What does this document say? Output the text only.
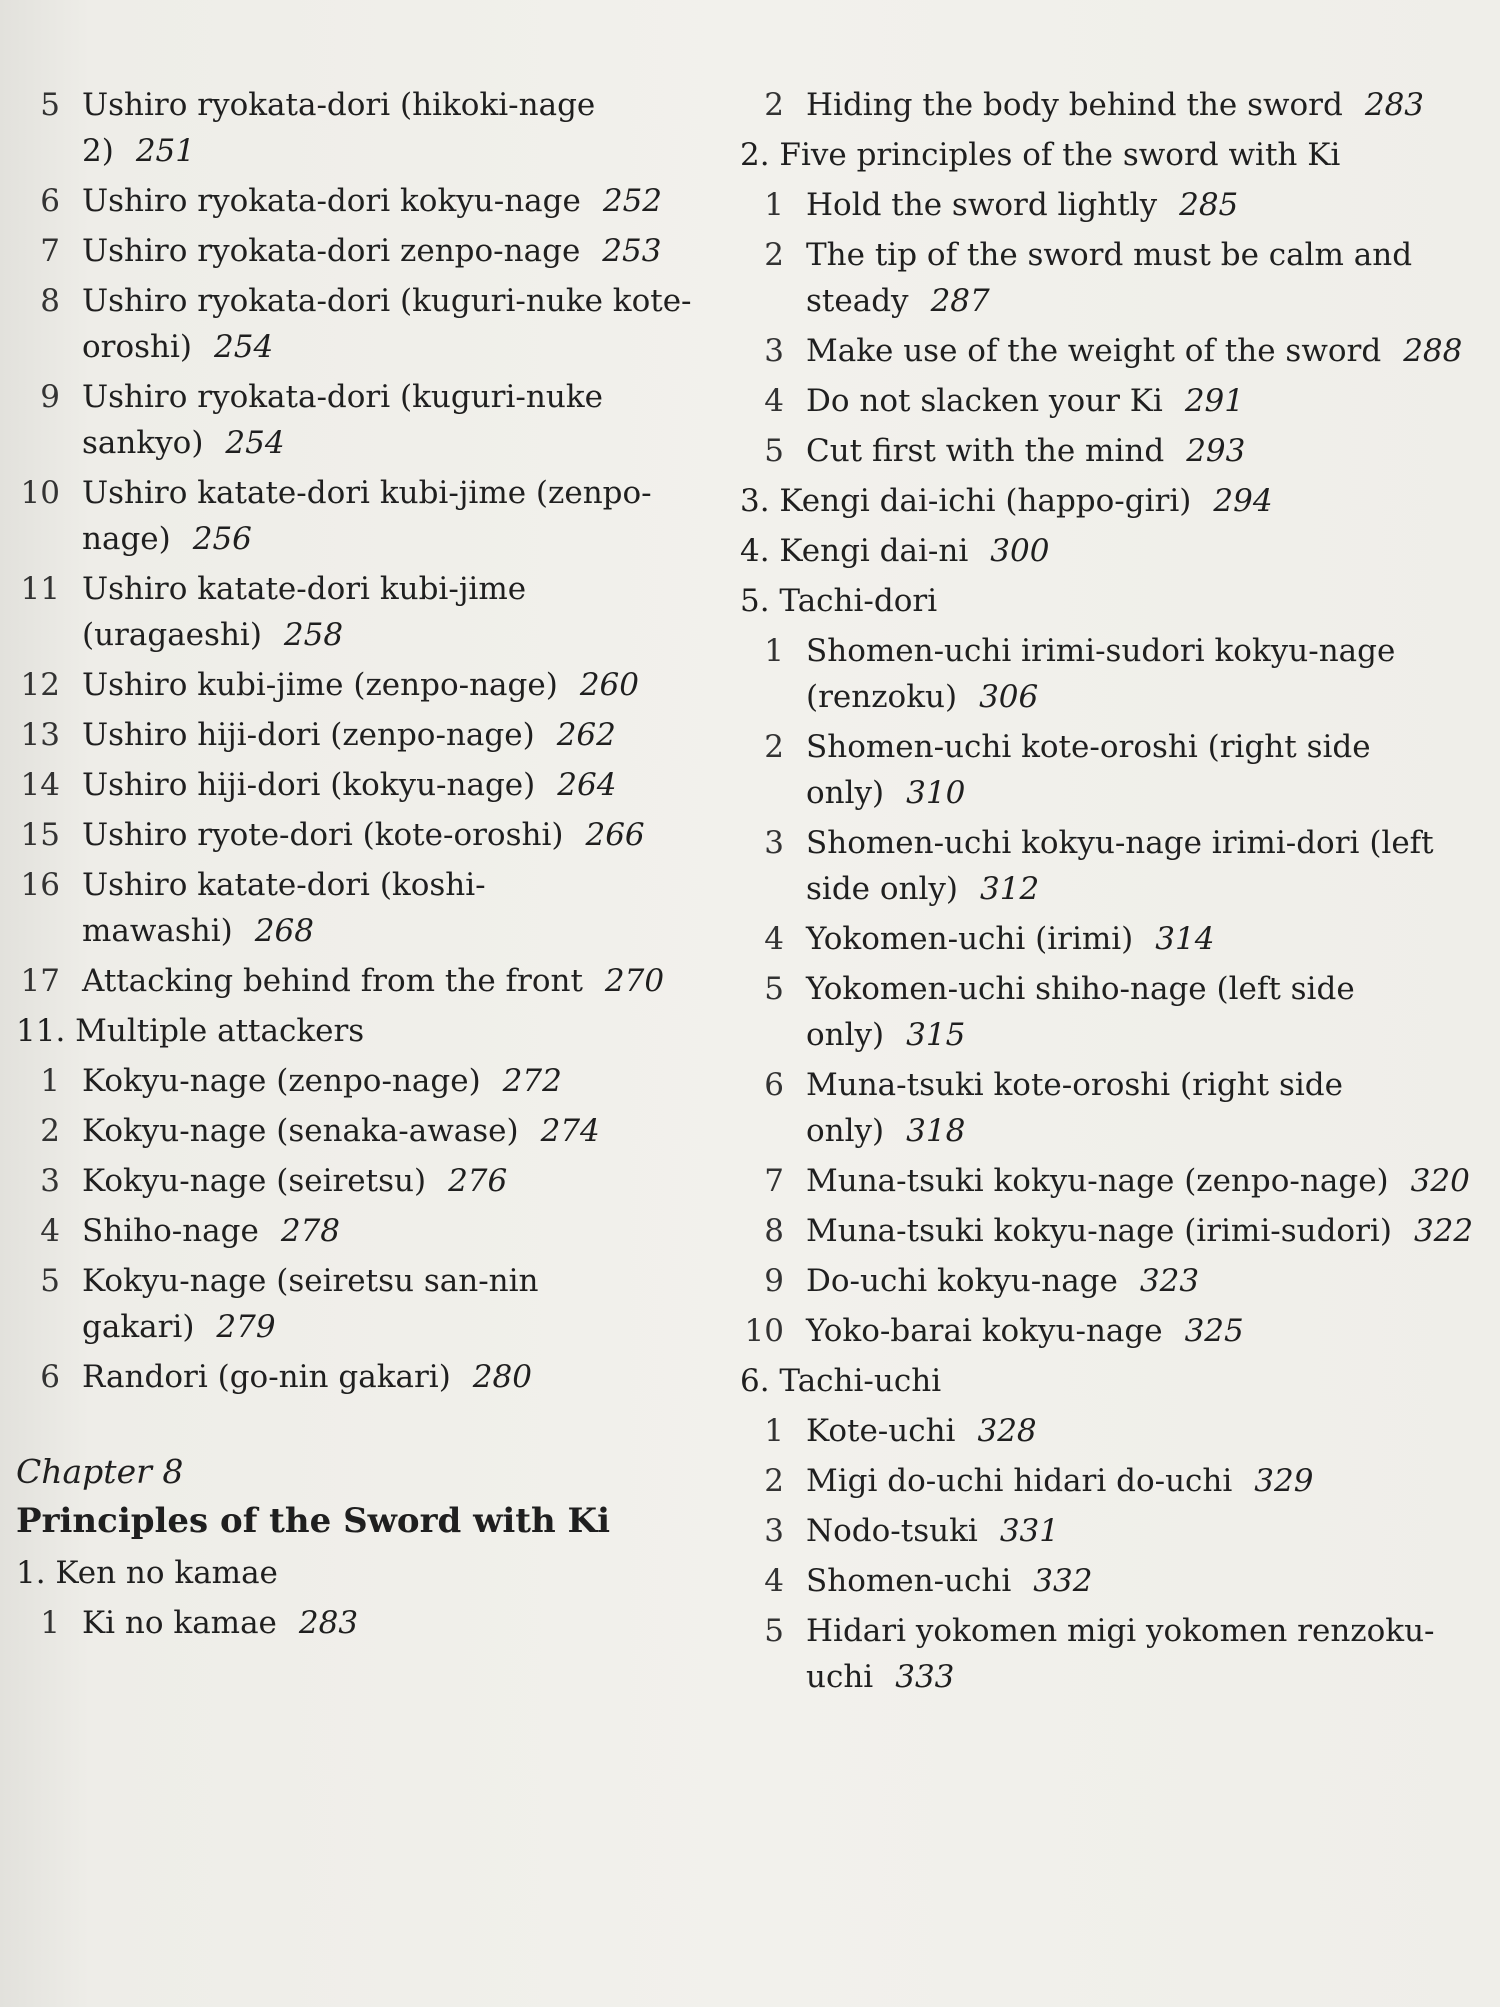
5 Ushiro ryokata-dori (hikoki-nage 2) 251
6 Ushiro ryokata-dori kokyu-nage 252
7 Ushiro ryokata-dori zenpo-nage 253
8 Ushiro ryokata-dori (kuguri-nuke kote-oroshi) 254
9 Ushiro ryokata-dori (kuguri-nuke sankyo) 254
10 Ushiro katate-dori kubi-jime (zenpo-nage) 256
11 Ushiro katate-dori kubi-jime (uragaeshi) 258
12 Ushiro kubi-jime (zenpo-nage) 260
13 Ushiro hiji-dori (zenpo-nage) 262
14 Ushiro hiji-dori (kokyu-nage) 264
15 Ushiro ryote-dori (kote-oroshi) 266
16 Ushiro katate-dori (koshi-mawashi) 268
17 Attacking behind from the front 270
11. Multiple attackers
1 Kokyu-nage (zenpo-nage) 272
2 Kokyu-nage (senaka-awase) 274
3 Kokyu-nage (seiretsu) 276
4 Shiho-nage 278
5 Kokyu-nage (seiretsu san-nin gakari) 279
6 Randori (go-nin gakari) 280
Chapter 8
Principles of the Sword with Ki
1. Ken no kamae
1 Ki no kamae 283
2 Hiding the body behind the sword 283
2. Five principles of the sword with Ki
1 Hold the sword lightly 285
2 The tip of the sword must be calm and steady 287
3 Make use of the weight of the sword 288
4 Do not slacken your Ki 291
5 Cut first with the mind 293
3. Kengi dai-ichi (happo-giri) 294
4. Kengi dai-ni 300
5. Tachi-dori
1 Shomen-uchi irimi-sudori kokyu-nage (renzoku) 306
2 Shomen-uchi kote-oroshi (right side only) 310
3 Shomen-uchi kokyu-nage irimi-dori (left side only) 312
4 Yokomen-uchi (irimi) 314
5 Yokomen-uchi shiho-nage (left side only) 315
6 Muna-tsuki kote-oroshi (right side only) 318
7 Muna-tsuki kokyu-nage (zenpo-nage) 320
8 Muna-tsuki kokyu-nage (irimi-sudori) 322
9 Do-uchi kokyu-nage 323
10 Yoko-barai kokyu-nage 325
6. Tachi-uchi
1 Kote-uchi 328
2 Migi do-uchi hidari do-uchi 329
3 Nodo-tsuki 331
4 Shomen-uchi 332
5 Hidari yokomen migi yokomen renzoku-uchi 333
